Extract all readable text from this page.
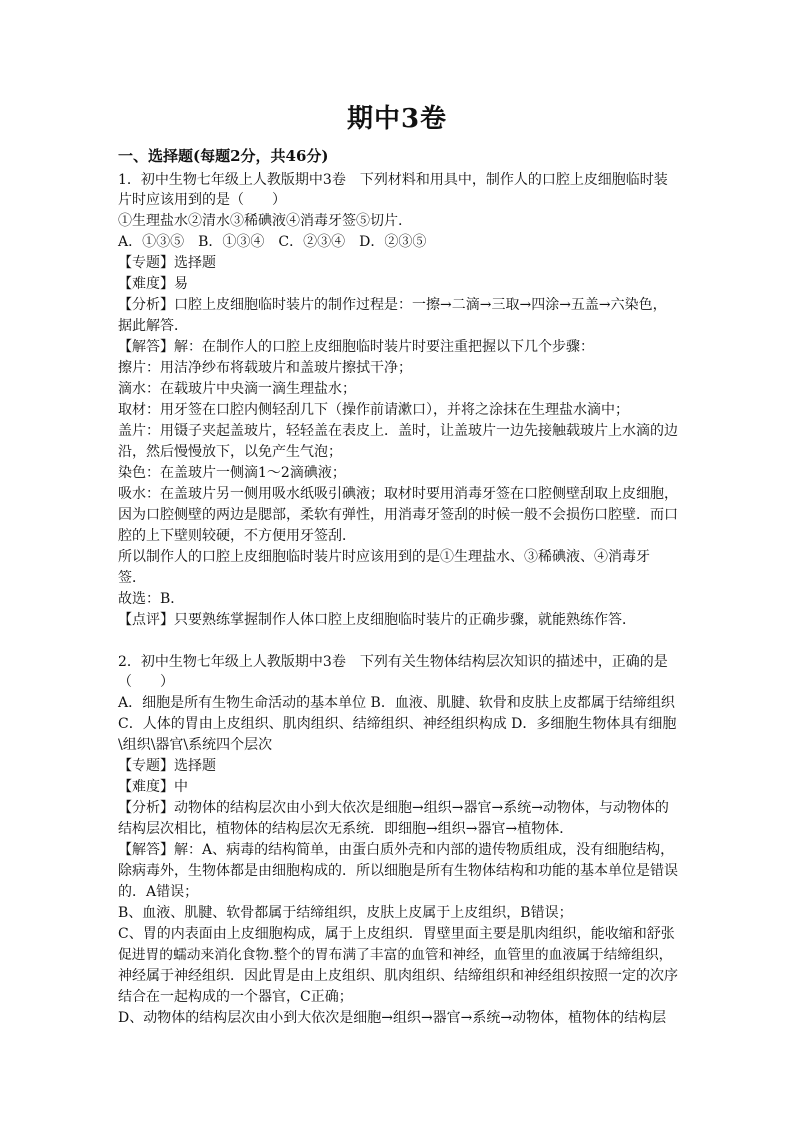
期中3卷
一、选择题(每题2分，共46分)
1．初中生物七年级上人教版期中3卷　下列材料和用具中，制作人的口腔上皮细胞临时装
片时应该用到的是（　　）
①生理盐水②清水③稀碘液④消毒牙签⑤切片.
A．①③⑤　B．①③④　C．②③④　D．②③⑤
【专题】选择题
【难度】易
【分析】口腔上皮细胞临时装片的制作过程是：一擦→二滴→三取→四涂→五盖→六染色，
据此解答．
【解答】解：在制作人的口腔上皮细胞临时装片时要注重把握以下几个步骤：
擦片：用洁净纱布将载玻片和盖玻片擦拭干净；
滴水：在载玻片中央滴一滴生理盐水；
取材：用牙签在口腔内侧轻刮几下（操作前请漱口），并将之涂抹在生理盐水滴中；
盖片：用镊子夹起盖玻片，轻轻盖在表皮上．盖时，让盖玻片一边先接触载玻片上水滴的边
沿，然后慢慢放下，以免产生气泡；
染色：在盖玻片一侧滴1～2滴碘液；
吸水：在盖玻片另一侧用吸水纸吸引碘液；取材时要用消毒牙签在口腔侧壁刮取上皮细胞，
因为口腔侧壁的两边是腮部，柔软有弹性，用消毒牙签刮的时候一般不会损伤口腔壁．而口
腔的上下壁则较硬，不方便用牙签刮．
所以制作人的口腔上皮细胞临时装片时应该用到的是①生理盐水、③稀碘液、④消毒牙
签．
故选：B．
【点评】只要熟练掌握制作人体口腔上皮细胞临时装片的正确步骤，就能熟练作答．
2．初中生物七年级上人教版期中3卷　下列有关生物体结构层次知识的描述中，正确的是
（　　）
A．细胞是所有生物生命活动的基本单位 B．血液、肌腱、软骨和皮肤上皮都属于结缔组织
C．人体的胃由上皮组织、肌肉组织、结缔组织、神经组织构成 D．多细胞生物体具有细胞
\组织\器官\系统四个层次
【专题】选择题
【难度】中
【分析】动物体的结构层次由小到大依次是细胞→组织→器官→系统→动物体，与动物体的
结构层次相比，植物体的结构层次无系统．即细胞→组织→器官→植物体．
【解答】解：A、病毒的结构简单，由蛋白质外壳和内部的遗传物质组成，没有细胞结构，
除病毒外，生物体都是由细胞构成的．所以细胞是所有生物体结构和功能的基本单位是错误
的．A错误；
B、血液、肌腱、软骨都属于结缔组织，皮肤上皮属于上皮组织，B错误；
C、胃的内表面由上皮细胞构成，属于上皮组织．胃壁里面主要是肌肉组织，能收缩和舒张
促进胃的蠕动来消化食物.整个的胃布满了丰富的血管和神经，血管里的血液属于结缔组织，
神经属于神经组织．因此胃是由上皮组织、肌肉组织、结缔组织和神经组织按照一定的次序
结合在一起构成的一个器官，C正确；
D、动物体的结构层次由小到大依次是细胞→组织→器官→系统→动物体，植物体的结构层
